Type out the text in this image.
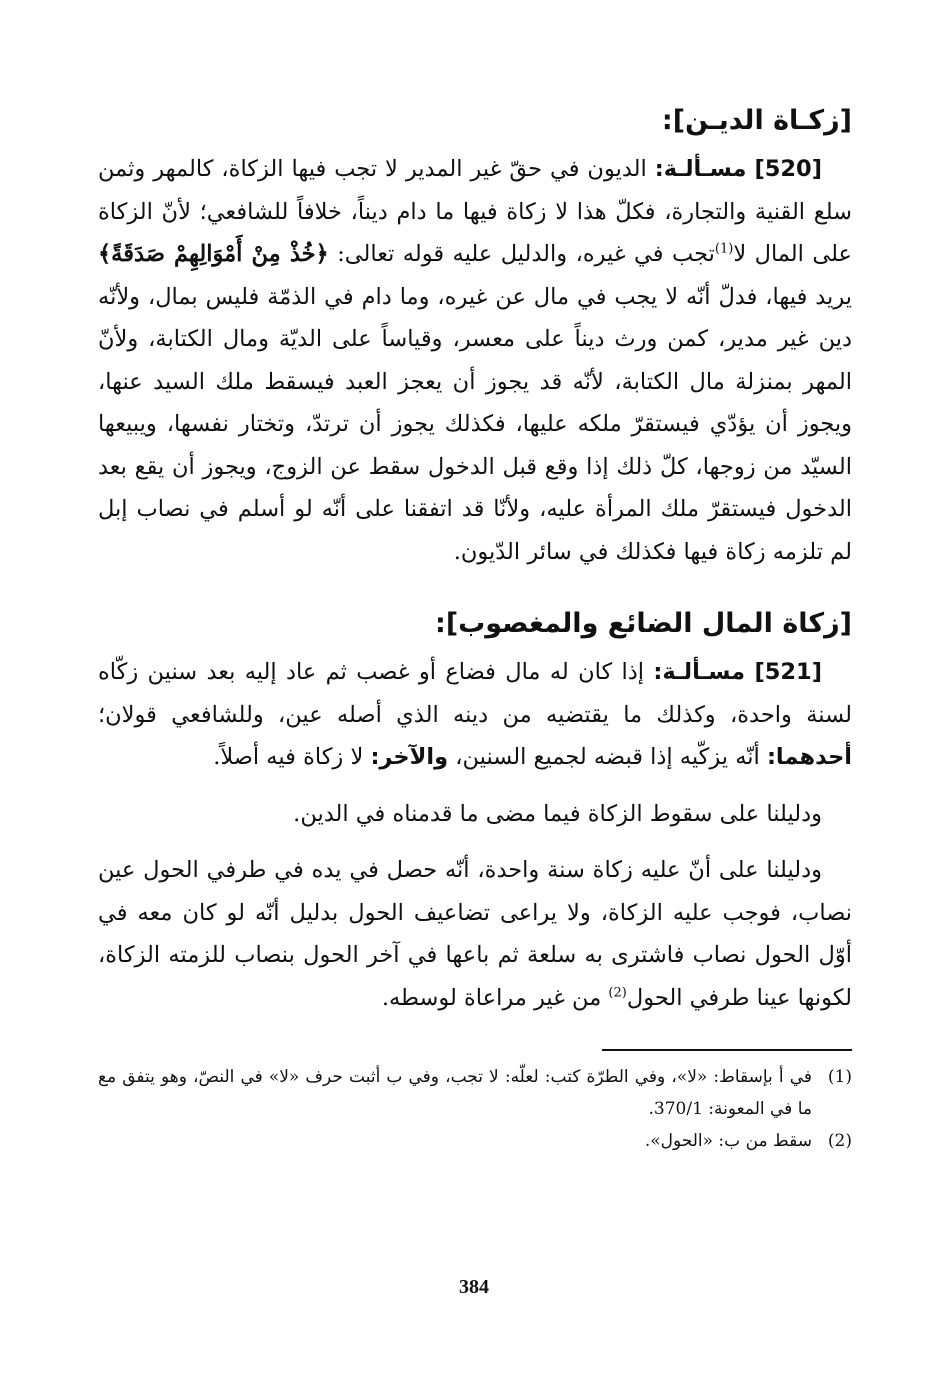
[زكـاة الديـن]:

[520] مسـألـة: الديون في حقّ غير المدير لا تجب فيها الزكاة، كالمهر وثمن سلع القنية والتجارة، فكلّ هذا لا زكاة فيها ما دام ديناً، خلافاً للشافعي؛ لأنّ الزكاة على المال لا$^{(1)}$تجب في غيره، والدليل عليه قوله تعالى: ﴿خُذْ مِنْ أَمْوَالِهِمْ صَدَقَةً﴾ يريد فيها، فدلّ أنّه لا يجب في مال عن غيره، وما دام في الذمّة فليس بمال، ولأنّه دين غير مدير، كمن ورث ديناً على معسر، وقياساً على الديّة ومال الكتابة، ولأنّ المهر بمنزلة مال الكتابة، لأنّه قد يجوز أن يعجز العبد فيسقط ملك السيد عنها، ويجوز أن يؤدّي فيستقرّ ملكه عليها، فكذلك يجوز أن ترتدّ، وتختار نفسها، ويبيعها السيّد من زوجها، كلّ ذلك إذا وقع قبل الدخول سقط عن الزوج، ويجوز أن يقع بعد الدخول فيستقرّ ملك المرأة عليه، ولأنّا قد اتفقنا على أنّه لو أسلم في نصاب إبل لم تلزمه زكاة فيها فكذلك في سائر الدّيون.

[زكاة المال الضائع والمغصوب]:

[521] مسـألـة: إذا كان له مال فضاع أو غصب ثم عاد إليه بعد سنين زكّاه لسنة واحدة، وكذلك ما يقتضيه من دينه الذي أصله عين، وللشافعي قولان؛ أحدهما: أنّه يزكّيه إذا قبضه لجميع السنين، والآخر: لا زكاة فيه أصلاً.

ودليلنا على سقوط الزكاة فيما مضى ما قدمناه في الدين.

ودليلنا على أنّ عليه زكاة سنة واحدة، أنّه حصل في يده في طرفي الحول عين نصاب، فوجب عليه الزكاة، ولا يراعى تضاعيف الحول بدليل أنّه لو كان معه في أوّل الحول نصاب فاشترى به سلعة ثم باعها في آخر الحول بنصاب للزمته الزكاة، لكونها عينا طرفي الحول$^{(2)}$ من غير مراعاة لوسطه.

(1)
في أ بإسقاط: «لا»، وفي الطرّة كتب: لعلّه: لا تجب، وفي ب أثبت حرف «لا» في النصّ، وهو يتفق مع ما في المعونة: 370/1.

(2)
سقط من ب: «الحول».

384
